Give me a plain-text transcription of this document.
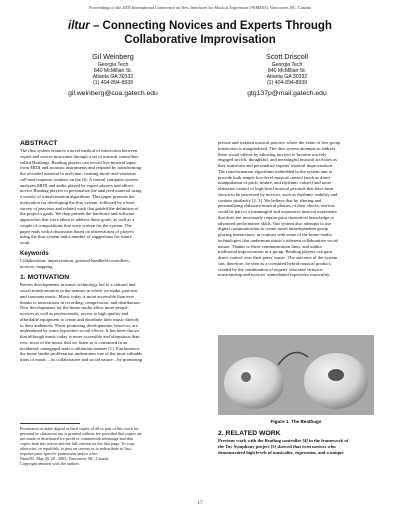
Proceedings of the 2005 International Conference on New Interfaces for Musical Expression (NIME05), Vancouver, BC, Canada
iltur – Connecting Novices and Experts Through
Collaborative Improvisation
Gil Weinberg
Georgia Tech
840 McMillan St.
Atlanta GA 30332
(1) 404-894-8939
gil.weinberg@coa.gatech.edu
Scott Driscoll
Georgia Tech
840 McMillan St.
Atlanta GA 30332
(1) 404-894-8939
gtg137p@mail.gatech.edu
ABSTRACT
The iltur system features a novel method of interaction between
expert and novice musicians through a set of musical controllers
called Beatbugs. Beatbug players can record live musical input
from MIDI and acoustic instruments and respond by transforming
the recorded material in real-time, creating motif-and-variation
call-and-response routines on the fly. A central computer system
analyzes MIDI and audio played by expert players and allows
novice Beatbug players to personalize the analyzed material using
a variety of transformation algorithms. This paper presents the
motivation for developing the iltur system, followed by a brief
survey of previous and related work that guided the definition of
the project's goals. We then present the hardware and software
approaches that were taken to address these goals, as well as a
couple of compositions that were written for the system. The
paper ends with a discussion based on observations of players
using the iltur system and a number of suggestions for future
work.
Keywords
Collaboration, improvisation, gestrual handheld controllers,
novices, mapping
1. MOTIVATION
Recent developments in music technology led to a cultural and
social transformation in the manner in which we make, perform,
and consume music. Music today is more accessible than ever
thanks to innovations in recording, compression, and distribution.
New developments for the home studio allow more people,
novices as well as professionals, access to high quality and
affordable equipment to create and distribute their music directly
to their audiences. These promising developments, however, are
undermined by some byproduct social effects. It has been shown
that although music today is more accessible and ubiquitous than
ever, most of the music that we listen to is consumed in an
incidental, unengaged and/or utilitarian manner [1]. Furthermore,
the home studio proliferation undermines one of the most valuable
traits of music – its collaborative and social nature – by promoting
Permission to make digital or hard copies of all or part of this work for
personal or classroom use is granted without fee provided that copies are
not made or distributed for profit or commercial advantage and that
copies bear this notice and the full citation on the first page. To copy
otherwise, or republish, to post on servers or to redistribute to lists,
requires prior specific permission and/or a fee.
Nime'05, May 26-28 , 2005, Vancouver, BC, Canada
Copyright remains with the authors
private and isolated musical practice where the value of live group
interaction is marginalized. The iltur system attempts to address
these social effects by allowing novices to become actively
engaged in rich, thoughtful, and meaningful musical activities as
they transform and personalize experts' musical improvisation.
The transformation algorithms embedded in the system aim to
provide both simple low-level musical control (such as direct
manipulation of pitch, timbre, and rhythmic values) and more
elaborate control of high-level musical percepts that have been
shown to be perceived by novices, such as rhythmic stability and
contour similarity [2, 3]. We believe that by altering and
personalizing elaborate musical phrases of their choice, novices
could be part of a meaningful and expressive musical experience
that does not necessarily require prior theoretical knowledge or
advanced performance skills. Our system also attempts to use
digital communication to create novel interdependent group
playing interactions, in contrast with some of the home-studio
technologies that undermine music's inherent collaborative social
nature. Thanks to these communication lines, and unlike
traditional improvisation in a group, Beatbug players can gain
direct control over their peers' music. The outcome of the system
can, therefore, be seen as a crossbred hybrid musical product,
created by the combination of experts' educated virtuosic
musicianship and novices' unmediated expressive musicality.
Figure 1. The Beatbugs
2. RELATED WORK
Previous work with the Beatbug controller [4] in the framework of
the Toy Symphony project [5] showed that even novices who
demonstrated high levels of musicality, expression, and a unique
17
